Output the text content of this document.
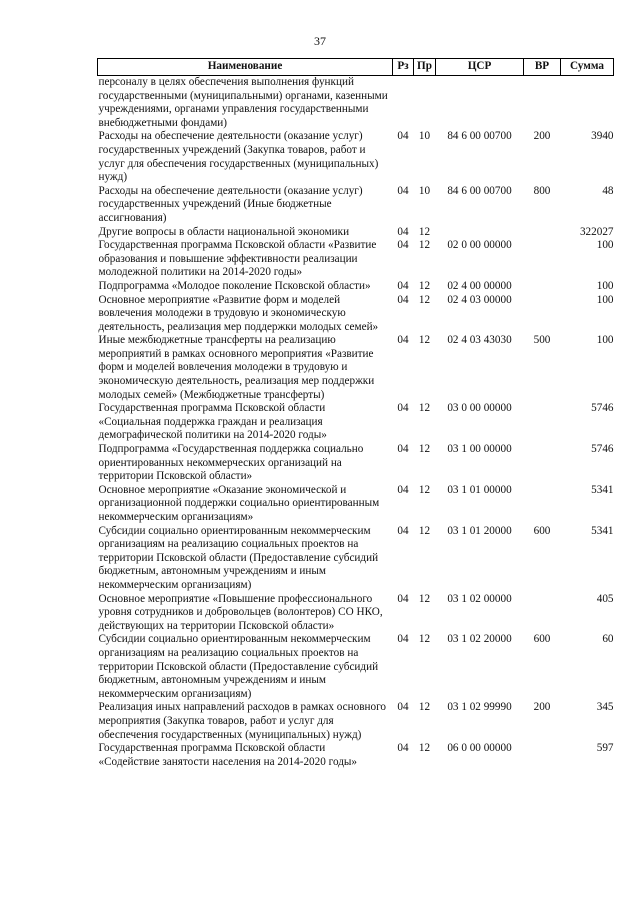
37
Наименование	Рз	Пр	ЦСР	ВР	Сумма
персоналу в целях обеспечения выполнения функций государственными (муниципальными) органами, казенными учреждениями, органами управления государственными внебюджетными фондами)					
Расходы на обеспечение деятельности (оказание услуг) государственных учреждений (Закупка товаров, работ и услуг для обеспечения государственных (муниципальных) нужд)	04	10	84 6 00 00700	200	3940
Расходы на обеспечение деятельности (оказание услуг) государственных учреждений (Иные бюджетные ассигнования)	04	10	84 6 00 00700	800	48
Другие вопросы в области национальной экономики	04	12			322027
Государственная программа Псковской области «Развитие образования и повышение эффективности реализации молодежной политики на 2014-2020 годы»	04	12	02 0 00 00000		100
Подпрограмма «Молодое поколение Псковской области»	04	12	02 4 00 00000		100
Основное мероприятие «Развитие форм и моделей вовлечения молодежи в трудовую и экономическую деятельность, реализация мер поддержки молодых семей»	04	12	02 4 03 00000		100
Иные межбюджетные трансферты на реализацию мероприятий в рамках основного мероприятия «Развитие форм и моделей вовлечения молодежи в трудовую и экономическую деятельность, реализация мер поддержки молодых семей» (Межбюджетные трансферты)	04	12	02 4 03 43030	500	100
Государственная программа Псковской области «Социальная поддержка граждан и реализация демографической политики на 2014-2020 годы»	04	12	03 0 00 00000		5746
Подпрограмма «Государственная поддержка социально ориентированных некоммерческих организаций на территории Псковской области»	04	12	03 1 00 00000		5746
Основное мероприятие «Оказание экономической и организационной поддержки социально ориентированным некоммерческим организациям»	04	12	03 1 01 00000		5341
Субсидии социально ориентированным некоммерческим организациям на реализацию социальных проектов на территории Псковской области (Предоставление субсидий бюджетным, автономным учреждениям и иным некоммерческим организациям)	04	12	03 1 01 20000	600	5341
Основное мероприятие «Повышение профессионального уровня сотрудников и добровольцев (волонтеров) СО НКО, действующих на территории Псковской области»	04	12	03 1 02 00000		405
Субсидии социально ориентированным некоммерческим организациям на реализацию социальных проектов на территории Псковской области (Предоставление субсидий бюджетным, автономным учреждениям и иным некоммерческим организациям)	04	12	03 1 02 20000	600	60
Реализация иных направлений расходов в рамках основного мероприятия (Закупка товаров, работ и услуг для обеспечения государственных (муниципальных) нужд)	04	12	03 1 02 99990	200	345
Государственная программа Псковской области «Содействие занятости населения на 2014-2020 годы»	04	12	06 0 00 00000		597
